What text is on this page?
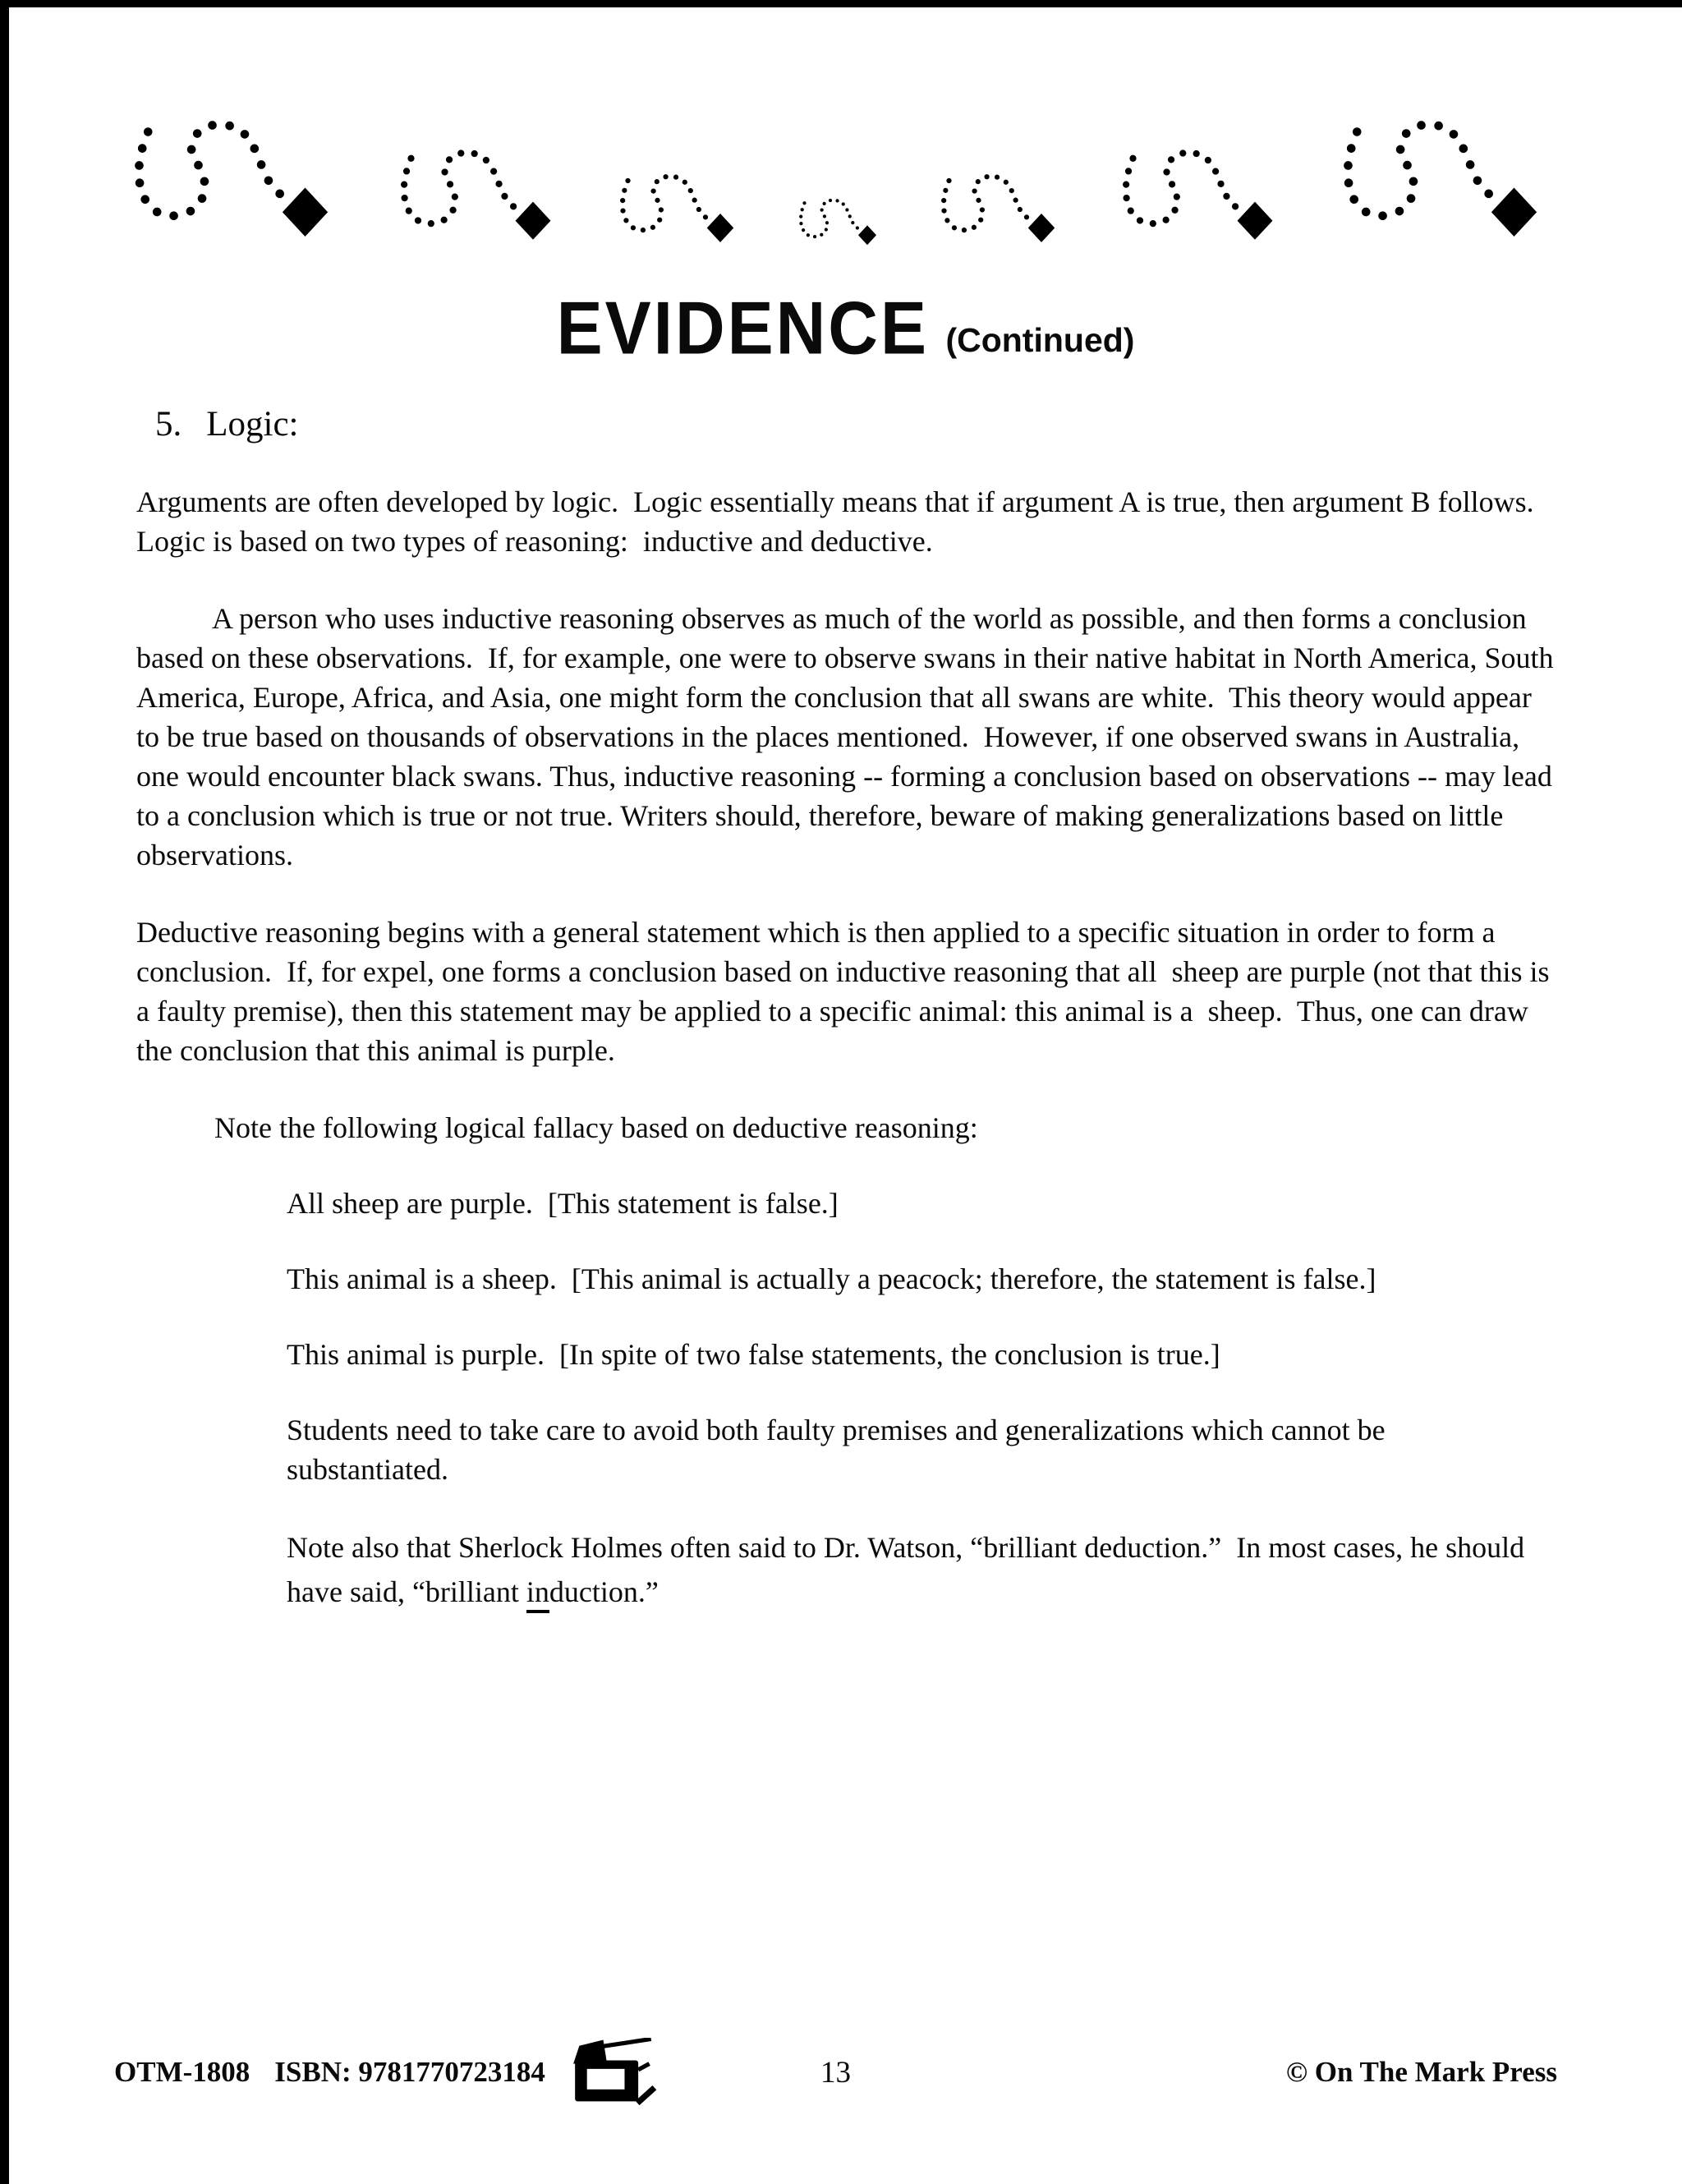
EVIDENCE (Continued)
5. Logic:

Arguments are often developed by logic.  Logic essentially means that if argument A is true, then argument B follows.  Logic is based on two types of reasoning:  inductive and deductive.

A person who uses inductive reasoning observes as much of the world as possible, and then forms a conclusion based on these observations.  If, for example, one were to observe swans in their native habitat in North America, South America, Europe, Africa, and Asia, one might form the conclusion that all swans are white.  This theory would appear to be true based on thousands of observations in the places mentioned.  However, if one observed swans in Australia, one would encounter black swans. Thus, inductive reasoning -- forming a conclusion based on observations -- may lead to a conclusion which is true or not true. Writers should, therefore, beware of making generalizations based on little observations.

Deductive reasoning begins with a general statement which is then applied to a specific situation in order to form a conclusion.  If, for expel, one forms a conclusion based on inductive reasoning that all  sheep are purple (not that this is a faulty premise), then this statement may be applied to a specific animal: this animal is a  sheep.  Thus, one can draw the conclusion that this animal is purple.

Note the following logical fallacy based on deductive reasoning:

All sheep are purple.  [This statement is false.]

This animal is a sheep.  [This animal is actually a peacock; therefore, the statement is false.]

This animal is purple.  [In spite of two false statements, the conclusion is true.]

Students need to take care to avoid both faulty premises and generalizations which cannot be substantiated.

Note also that Sherlock Holmes often said to Dr. Watson, “brilliant deduction.”  In most cases, he should have said, “brilliant induction.”

OTM-1808 ISBN: 9781770723184	13	© On The Mark Press
